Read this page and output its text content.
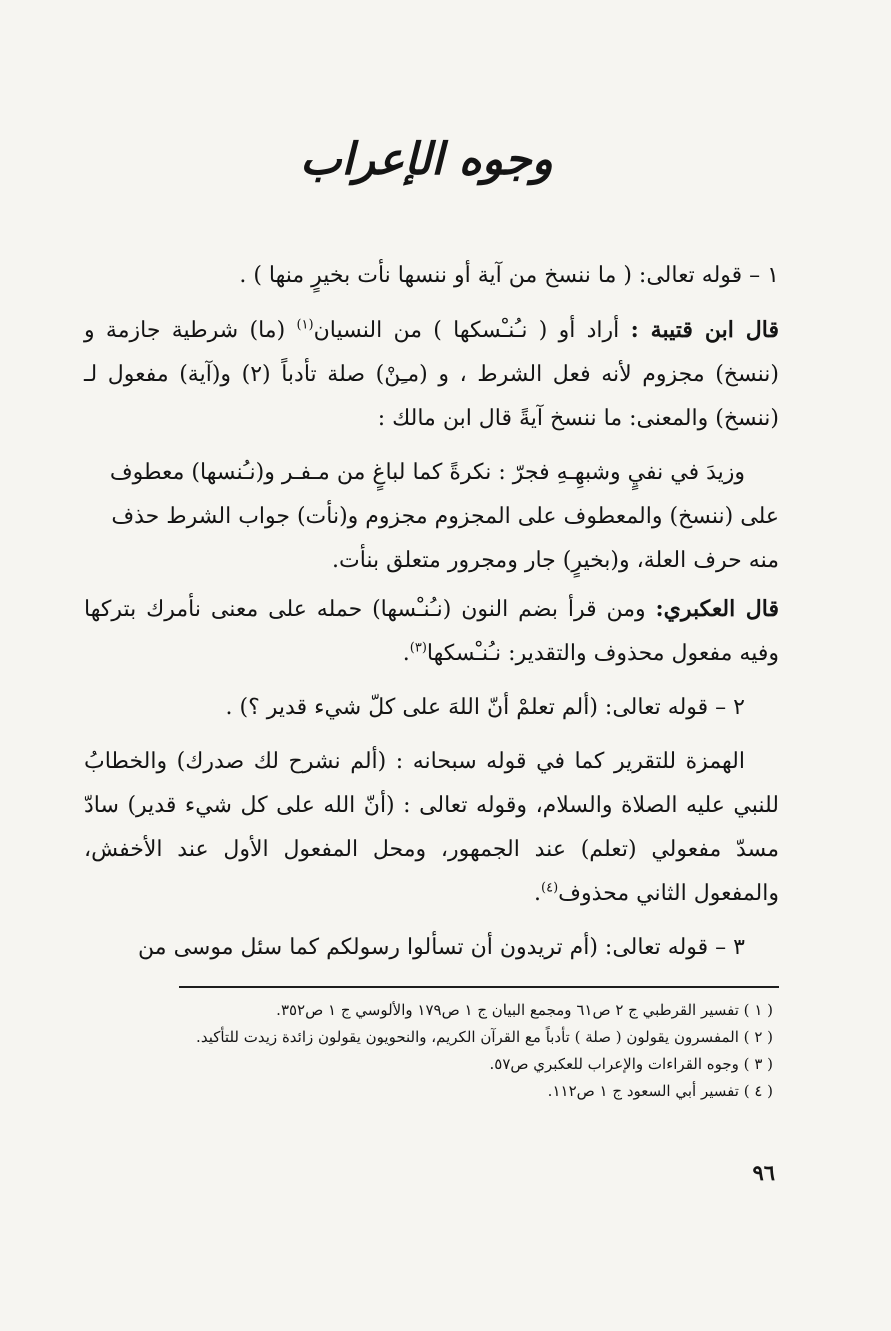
وجوه الإعراب

١ – قوله تعالى: ( ما ننسخ من آية أو ننسها نأت بخيرٍ منها ) .

قال ابن قتيبة : أراد أو ( نـُنـْسكها ) من النسيان$^{(١)}$ (ما) شرطية جازمة و (ننسخ) مجزوم لأنه فعل الشرط ، و (مـِنْ) صلة تأدباً (٢) و(آية) مفعول لـ (ننسخ) والمعنى: ما ننسخ آيةً قال ابن مالك :

وزيدَ في نفيٍ وشبهِـهِ فجرّ : نكرةً كما لباغٍ من مـفـر و(نـُنسها) معطوف على (ننسخ) والمعطوف على المجزوم مجزوم و(نأت) جواب الشرط حذف منه حرف العلة، و(بخيرٍ) جار ومجرور متعلق بنأت.

قال العكبري: ومن قرأ بضم النون (نـُنـْسها) حمله على معنى نأمرك بتركها وفيه مفعول محذوف والتقدير: نـُنـْسكها$^{(٣)}$.

٢ – قوله تعالى: (ألم تعلمْ أنّ اللهَ على كلّ شيء قدير ؟) .

الهمزة للتقرير كما في قوله سبحانه : (ألم نشرح لك صدرك) والخطابُ للنبي عليه الصلاة والسلام، وقوله تعالى : (أنّ الله على كل شيء قدير) سادّ مسدّ مفعولي (تعلم) عند الجمهور، ومحل المفعول الأول عند الأخفش، والمفعول الثاني محذوف$^{(٤)}$.

٣ – قوله تعالى: (أم تريدون أن تسألوا رسولكم كما سئل موسى من

( ١ ) تفسير القرطبي ج ٢ ص٦١ ومجمع البيان ج ١ ص١٧٩ والألوسي ج ١ ص٣٥٢.
( ٢ ) المفسرون يقولون ( صلة ) تأدباً مع القرآن الكريم، والنحويون يقولون زائدة زيدت للتأكيد.
( ٣ ) وجوه القراءات والإعراب للعكبري ص٥٧.
( ٤ ) تفسير أبي السعود ج ١ ص١١٢.
٩٦
